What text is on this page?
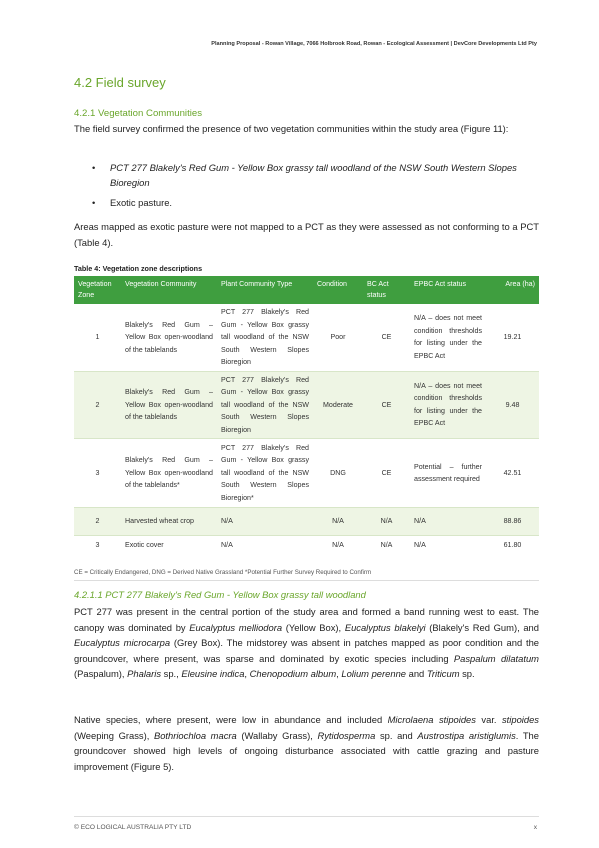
Planning Proposal - Rowan Village, 7066 Holbrook Road, Rowan - Ecological Assessment | DevCore Developments Ltd Pty
4.2 Field survey
4.2.1 Vegetation Communities
The field survey confirmed the presence of two vegetation communities within the study area (Figure 11):
• PCT 277 Blakely's Red Gum - Yellow Box grassy tall woodland of the NSW South Western Slopes
Bioregion
• Exotic pasture.
Areas mapped as exotic pasture were not mapped to a PCT as they were assessed as not conforming to a PCT (Table 4).
Table 4: Vegetation zone descriptions
Vegetation Zone	Vegetation Community	Plant Community Type	Condition	BC Act status	EPBC Act status	Area (ha)
1	Blakely's Red Gum – Yellow Box open-woodland of the tablelands	PCT 277 Blakely's Red Gum - Yellow Box grassy tall woodland of the NSW South Western Slopes Bioregion	Poor	CE	N/A – does not meet condition thresholds for listing under the EPBC Act	19.21
2	Blakely's Red Gum – Yellow Box open-woodland of the tablelands	PCT 277 Blakely's Red Gum - Yellow Box grassy tall woodland of the NSW South Western Slopes Bioregion	Moderate	CE	N/A – does not meet condition thresholds for listing under the EPBC Act	9.48
3	Blakely's Red Gum – Yellow Box open-woodland of the tablelands*	PCT 277 Blakely's Red Gum - Yellow Box grassy tall woodland of the NSW South Western Slopes Bioregion*	DNG	CE	Potential – further assessment required	42.51
2	Harvested wheat crop	N/A	N/A	N/A	N/A	88.86
3	Exotic cover	N/A	N/A	N/A	N/A	61.80
CE = Critically Endangered, DNG = Derived Native Grassland *Potential Further Survey Required to Confirm
4.2.1.1 PCT 277 Blakely's Red Gum - Yellow Box grassy tall woodland
PCT 277 was present in the central portion of the study area and formed a band running west to east. The canopy was dominated by Eucalyptus melliodora (Yellow Box), Eucalyptus blakelyi (Blakely's Red Gum), and Eucalyptus microcarpa (Grey Box). The midstorey was absent in patches mapped as poor condition and the groundcover, where present, was sparse and dominated by exotic species including Paspalum dilatatum (Paspalum), Phalaris sp., Eleusine indica, Chenopodium album, Lolium perenne and Triticum sp.
Native species, where present, were low in abundance and included Microlaena stipoides var. stipoides (Weeping Grass), Bothriochloa macra (Wallaby Grass), Rytidosperma sp. and Austrostipa aristiglumis. The groundcover showed high levels of ongoing disturbance associated with cattle grazing and pasture improvement (Figure 5).
© ECO LOGICAL AUSTRALIA PTY LTD	x
